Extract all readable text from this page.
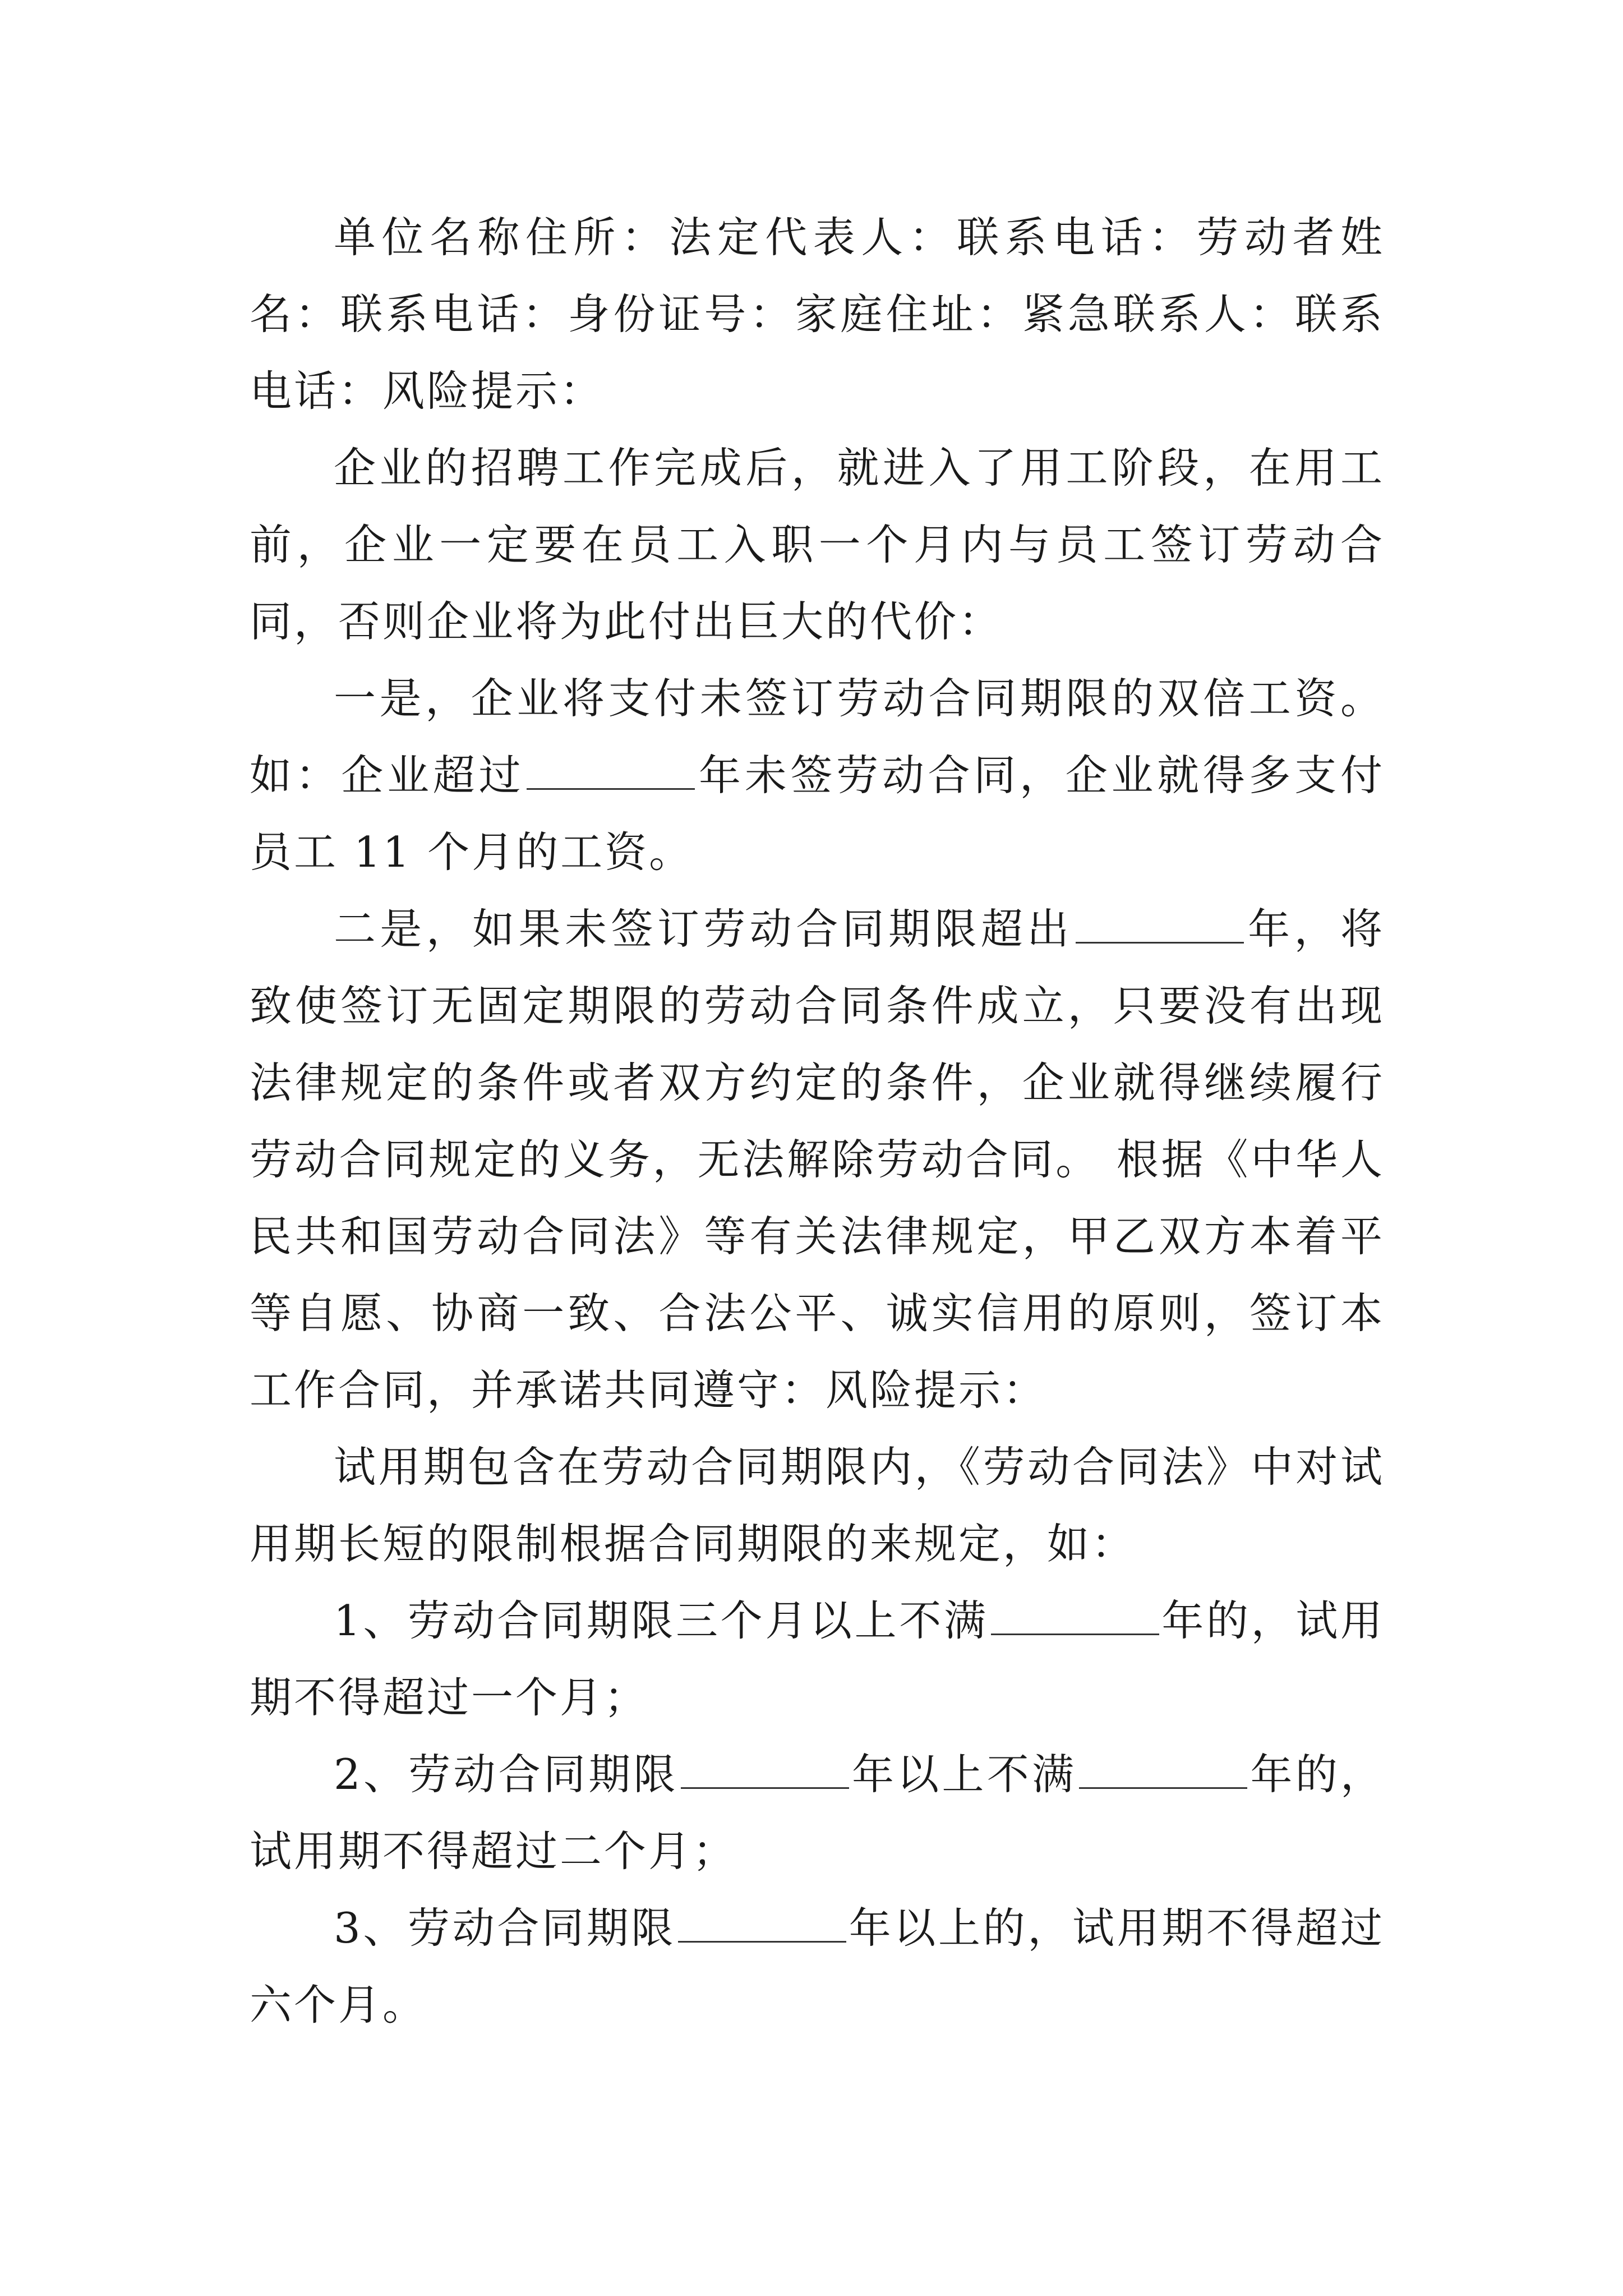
单位名称住所：法定代表人：联系电话：劳动者姓名：联系电话：身份证号：家庭住址：紧急联系人：联系电话：风险提示：

企业的招聘工作完成后，就进入了用工阶段，在用工前，企业一定要在员工入职一个月内与员工签订劳动合同，否则企业将为此付出巨大的代价：

一是，企业将支付未签订劳动合同期限的双倍工资。如：企业超过	年未签劳动合同，企业就得多支付员工 11 个月的工资。

二是，如果未签订劳动合同期限超出	年，将致使签订无固定期限的劳动合同条件成立，只要没有出现法律规定的条件或者双方约定的条件，企业就得继续履行劳动合同规定的义务，无法解除劳动合同。 根据《中华人民共和国劳动合同法》等有关法律规定，甲乙双方本着平等自愿、协商一致、合法公平、诚实信用的原则，签订本工作合同，并承诺共同遵守：风险提示：

试用期包含在劳动合同期限内，《劳动合同法》中对试用期长短的限制根据合同期限的来规定，如：

1、劳动合同期限三个月以上不满	年的，试用期不得超过一个月；

2、劳动合同期限	年以上不满	年的，试用期不得超过二个月；

3、劳动合同期限	年以上的，试用期不得超过六个月。
